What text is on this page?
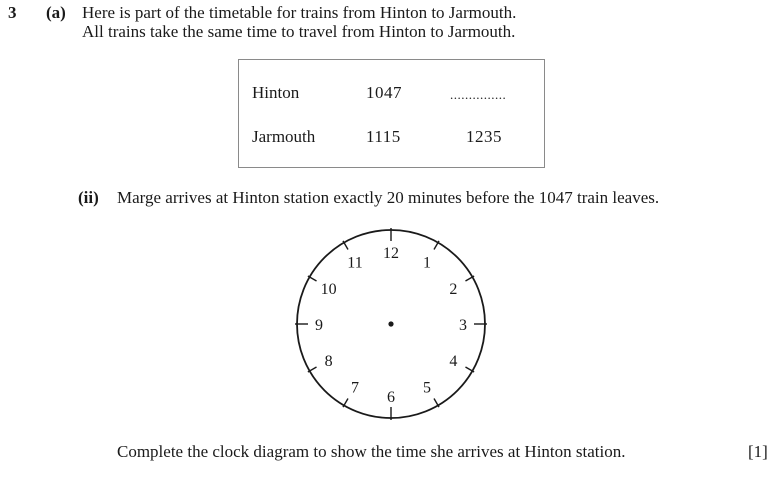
3 (a) Here is part of the timetable for trains from Hinton to Jarmouth.
All trains take the same time to travel from Hinton to Jarmouth.
Hinton	1047	...............
Jarmouth	1115	1235
(ii) Marge arrives at Hinton station exactly 20 minutes before the 1047 train leaves.
12
1
2
3
4
5
6
7
8
9
10
11
Complete the clock diagram to show the time she arrives at Hinton station.	[1]
